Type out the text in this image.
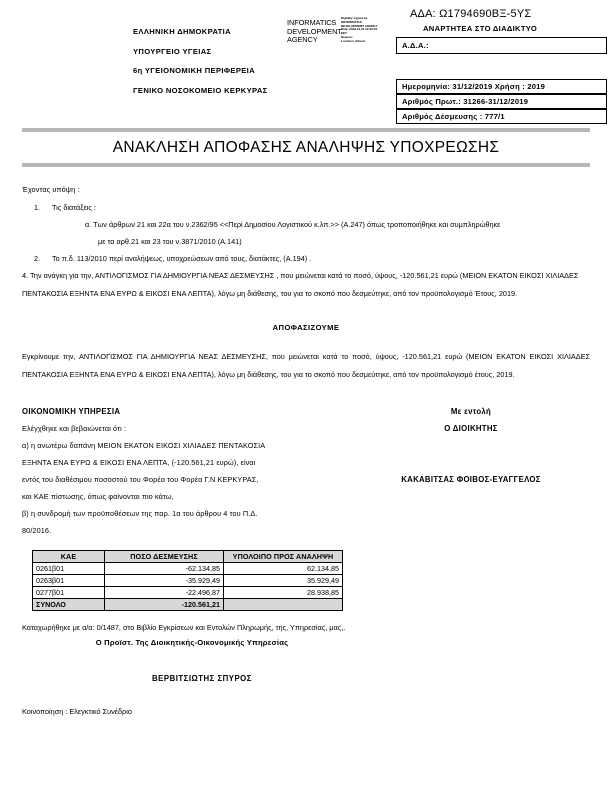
ΕΛΛΗΝΙΚΗ ΔΗΜΟΚΡΑΤΙΑ
ΥΠΟΥΡΓΕΙΟ ΥΓΕΙΑΣ
6η ΥΓΕΙΟΝΟΜΙΚΗ ΠΕΡΙΦΕΡΕΙΑ
ΓΕΝΙΚΟ ΝΟΣΟΚΟΜΕΙΟ ΚΕΡΚΥΡΑΣ
INFORMATICS DEVELOPMENT AGENCY
Digitally signed by
INFORMATICS
DEVELOPMENT AGENCY
Date: 2019.12.31 12:36:31
EET
Reason:
Location: Athens
ΑΔΑ: Ω1794690ΒΞ-5ΥΣ
ΑΝΑΡΤΗΤΕΑ ΣΤΟ ΔΙΑΔΙΚΤΥΟ
Α.Δ.Α.:
Ημερομηνία: 31/12/2019 Χρήση : 2019
Αριθμός Πρωτ.: 31266-31/12/2019
Αριθμός Δέσμευσης : 777/1
ΑΝΑΚΛΗΣΗ ΑΠΟΦΑΣΗΣ ΑΝΑΛΗΨΗΣ ΥΠΟΧΡΕΩΣΗΣ
Έχοντας υπόψη :
1.	Τις διατάξεις :
α. Των άρθρων 21 και 22α του ν.2362/95 <<Περί Δημοσίου Λογιστικού κ.λπ.>> (Α.247) όπως τροποποιήθηκε και συμπληρώθηκε
με τα αρθ.21 και 23 του ν.3871/2010 (Α.141)
2.	Το π.δ. 113/2010 περί αναλήψεως, υποχρεώσεων από τους, διατάκτες, (Α.194) .
4. Την ανάγκη για την, ΑΝΤΙΛΟΓΙΣΜΟΣ ΓΙΑ ΔΗΜΙΟΥΡΓΙΑ ΝΕΑΣ ΔΕΣΜΕΥΣΗΣ , που μειώνεται κατά το ποσό, ύψους, -120.561,21 ευρώ (ΜΕΙΟΝ ΕΚΑΤΟΝ ΕΙΚΟΣΙ ΧΙΛΙΑΔΕΣ ΠΕΝΤΑΚΟΣΙΑ ΕΞΗΝΤΑ ΕΝΑ ΕΥΡΩ & ΕΙΚΟΣΙ ΕΝΑ ΛΕΠΤΑ), λόγω μη διάθεσης, του για το σκοπό που δεσμεύτηκε, από τον προϋπολογισμό Έτους, 2019.
ΑΠΟΦΑΣΙΖΟΥΜΕ
Εγκρίνουμε την, ΑΝΤΙΛΟΓΙΣΜΟΣ ΓΙΑ ΔΗΜΙΟΥΡΓΙΑ ΝΕΑΣ ΔΕΣΜΕΥΣΗΣ, που μειώνεται κατά το ποσό, ύψους, -120.561,21 ευρώ (ΜΕΙΟΝ ΕΚΑΤΟΝ ΕΙΚΟΣΙ ΧΙΛΙΑΔΕΣ ΠΕΝΤΑΚΟΣΙΑ ΕΞΗΝΤΑ ΕΝΑ ΕΥΡΩ & ΕΙΚΟΣΙ ΕΝΑ ΛΕΠΤΑ), λόγω μη διάθεσης, του για το σκοπό που δεσμεύτηκε, από τον προϋπολογισμό έτους, 2019.
ΟΙΚΟΝΟΜΙΚΗ ΥΠΗΡΕΣΙΑ
Ελέγχθηκε και βεβαιώνεται ότι :
α) η ανωτέρω δαπάνη ΜΕΙΟΝ ΕΚΑΤΟΝ ΕΙΚΟΣΙ ΧΙΛΙΑΔΕΣ ΠΕΝΤΑΚΟΣΙΑ
ΕΞΗΝΤΑ ΕΝΑ ΕΥΡΩ & ΕΙΚΟΣΙ ΕΝΑ ΛΕΠΤΑ, (-120.561,21 ευρώ), είναι
εντός του διαθέσιμου ποσοστού του Φορέα του Φορέα Γ.Ν ΚΕΡΚΥΡΑΣ,
και ΚΑΕ πίστωσης, όπως φαίνονται πιο κάτω,
β) η συνδρομή των προϋποθέσεων της παρ. 1α του άρθρου 4 του Π.Δ.
80/2016.
Με εντολή
Ο ΔΙΟΙΚΗΤΗΣ
ΚΑΚΑΒΙΤΣΑΣ ΦΟΙΒΟΣ-ΕΥΑΓΓΕΛΟΣ
ΚΑΕ	ΠΟΣΟ ΔΕΣΜΕΥΣΗΣ	ΥΠΟΛΟΙΠΟ ΠΡΟΣ ΑΝΑΛΗΨΗ
0261β01	-62.134,85	62.134,85
0263β01	-35.929,49	35.929,49
0277β01	-22.496,87	28.938,85
ΣΥΝΟΛΟ	-120.561,21	
Καταχωρήθηκε με α/α: 0/1487, στο Βιβλίο Εγκρίσεων και Εντολών Πληρωμής, της, Υπηρεσίας, μας,.
Ο Προϊστ. Της Διοικητικής-Οικονομικής Υπηρεσίας
ΒΕΡΒΙΤΣΙΩΤΗΣ ΣΠΥΡΟΣ
Κοινοποίηση : Ελεγκτικό Συνέδριο
